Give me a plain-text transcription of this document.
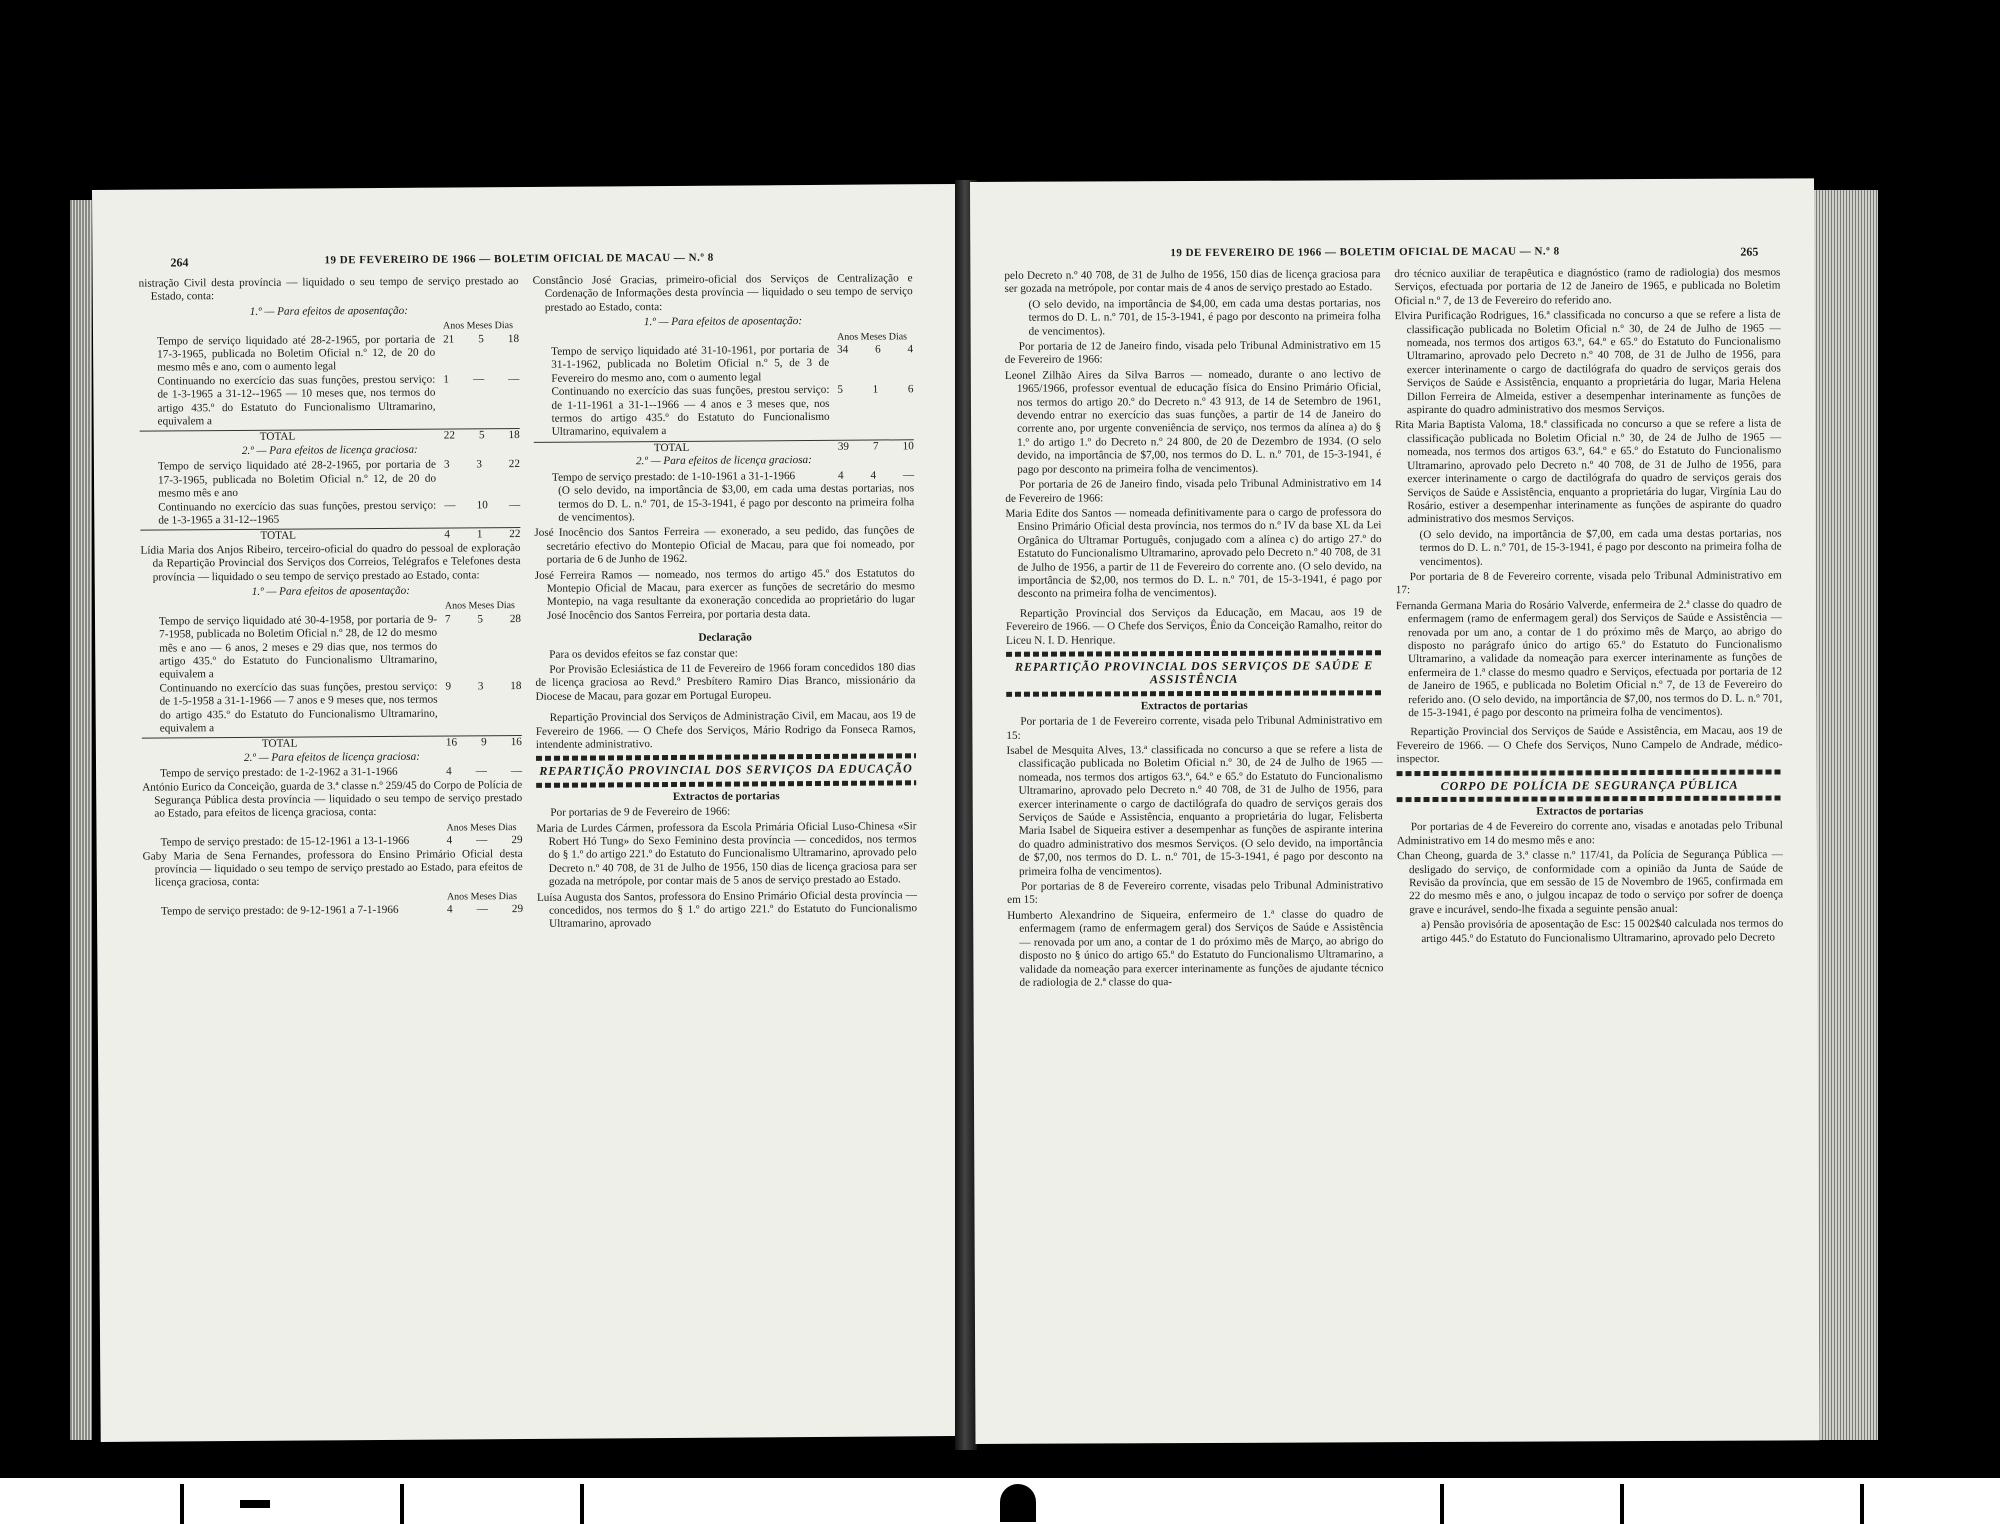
264	19 DE FEVEREIRO DE 1966 — BOLETIM OFICIAL DE MACAU — N.º 8

nistração Civil desta província — liquidado o seu tempo de serviço prestado ao Estado, conta:

1.º — Para efeitos de aposentação:

Anos Meses Dias
Tempo de serviço liquidado até 28-2-1965, por portaria de 17-3-1965, publicada no Boletim Oficial n.º 12, de 20 do mesmo mês e ano, com o aumento legal
21 5 18
Continuando no exercício das suas funções, prestou serviço: de 1-3-1965 a 31-12--1965 — 10 meses que, nos termos do artigo 435.º do Estatuto do Funcionalismo Ultramarino, equivalem a
1 — —
TOTAL	22 5 18

2.º — Para efeitos de licença graciosa:

Tempo de serviço liquidado até 28-2-1965, por portaria de 17-3-1965, publicada no Boletim Oficial n.º 12, de 20 do mesmo mês e ano
3 3 22
Continuando no exercício das suas funções, prestou serviço: de 1-3-1965 a 31-12--1965
— 10 —
TOTAL	4 1 22

Lídia Maria dos Anjos Ribeiro, terceiro-oficial do quadro do pessoal de exploração da Repartição Provincial dos Serviços dos Correios, Telégrafos e Telefones desta província — liquidado o seu tempo de serviço prestado ao Estado, conta:

1.º — Para efeitos de aposentação:

Anos Meses Dias
Tempo de serviço liquidado até 30-4-1958, por portaria de 9-7-1958, publicada no Boletim Oficial n.º 28, de 12 do mesmo mês e ano — 6 anos, 2 meses e 29 dias que, nos termos do artigo 435.º do Estatuto do Funcionalismo Ultramarino, equivalem a
7 5 28
Continuando no exercício das suas funções, prestou serviço: de 1-5-1958 a 31-1-1966 — 7 anos e 9 meses que, nos termos do artigo 435.º do Estatuto do Funcionalismo Ultramarino, equivalem a
9 3 18
TOTAL	16 9 16

2.º — Para efeitos de licença graciosa:

Tempo de serviço prestado: de 1-2-1962 a 31-1-1966	4 — —

António Eurico da Conceição, guarda de 3.ª classe n.º 259/45 do Corpo de Polícia de Segurança Pública desta província — liquidado o seu tempo de serviço prestado ao Estado, para efeitos de licença graciosa, conta:

Anos Meses Dias
Tempo de serviço prestado: de 15-12-1961 a 13-1-1966	4 — 29

Gaby Maria de Sena Fernandes, professora do Ensino Primário Oficial desta província — liquidado o seu tempo de serviço prestado ao Estado, para efeitos de licença graciosa, conta:

Anos Meses Dias
Tempo de serviço prestado: de 9-12-1961 a 7-1-1966	4 — 29

Constâncio José Gracias, primeiro-oficial dos Serviços de Centralização e Cordenação de Informações desta província — liquidado o seu tempo de serviço prestado ao Estado, conta:

1.º — Para efeitos de aposentação:

Anos Meses Dias
Tempo de serviço liquidado até 31-10-1961, por portaria de 31-1-1962, publicada no Boletim Oficial n.º 5, de 3 de Fevereiro do mesmo ano, com o aumento legal
34 6 4
Continuando no exercício das suas funções, prestou serviço: de 1-11-1961 a 31-1--1966 — 4 anos e 3 meses que, nos termos do artigo 435.º do Estatuto do Funcionalismo Ultramarino, equivalem a
5	1	6
TOTAL	39 7 10

2.º — Para efeitos de licença graciosa:

Tempo de serviço prestado: de 1-10-1961 a 31-1-1966	4 4 —

(O selo devido, na importância de $3,00, em cada uma destas portarias, nos termos do D. L. n.º 701, de 15-3-1941, é pago por desconto na primeira folha de vencimentos).

José Inocêncio dos Santos Ferreira — exonerado, a seu pedido, das funções de secretário efectivo do Montepio Oficial de Macau, para que foi nomeado, por portaria de 6 de Junho de 1962.

José Ferreira Ramos — nomeado, nos termos do artigo 45.º dos Estatutos do Montepio Oficial de Macau, para exercer as funções de secretário do mesmo Montepio, na vaga resultante da exoneração concedida ao proprietário do lugar José Inocêncio dos Santos Ferreira, por portaria desta data.

Declaração

Para os devidos efeitos se faz constar que:

Por Provisão Eclesiástica de 11 de Fevereiro de 1966 foram concedidos 180 dias de licença graciosa ao Revd.º Presbítero Ramiro Dias Branco, missionário da Diocese de Macau, para gozar em Portugal Europeu.

Repartição Provincial dos Serviços de Administração Civil, em Macau, aos 19 de Fevereiro de 1966. — O Chefe dos Serviços, Mário Rodrigo da Fonseca Ramos, intendente administrativo.

REPARTIÇÃO PROVINCIAL DOS SERVIÇOS DA EDUCAÇÃO

Extractos de portarias

Por portarias de 9 de Fevereiro de 1966:

Maria de Lurdes Cármen, professora da Escola Primária Oficial Luso-Chinesa «Sir Robert Hó Tung» do Sexo Feminino desta província — concedidos, nos termos do § 1.º do artigo 221.º do Estatuto do Funcionalismo Ultramarino, aprovado pelo Decreto n.º 40 708, de 31 de Julho de 1956, 150 dias de licença graciosa para ser gozada na metrópole, por contar mais de 5 anos de serviço prestado ao Estado.

Luísa Augusta dos Santos, professora do Ensino Primário Oficial desta província — concedidos, nos termos do § 1.º do artigo 221.º do Estatuto do Funcionalismo Ultramarino, aprovado

19 DE FEVEREIRO DE 1966 — BOLETIM OFICIAL DE MACAU — N.º 8	265

pelo Decreto n.º 40 708, de 31 de Julho de 1956, 150 dias de licença graciosa para ser gozada na metrópole, por contar mais de 4 anos de serviço prestado ao Estado.

(O selo devido, na importância de $4,00, em cada uma destas portarias, nos termos do D. L. n.º 701, de 15-3-1941, é pago por desconto na primeira folha de vencimentos).

Por portaria de 12 de Janeiro findo, visada pelo Tribunal Administrativo em 15 de Fevereiro de 1966:

Leonel Zilhão Aires da Silva Barros — nomeado, durante o ano lectivo de 1965/1966, professor eventual de educação física do Ensino Primário Oficial, nos termos do artigo 20.º do Decreto n.º 43 913, de 14 de Setembro de 1961, devendo entrar no exercício das suas funções, a partir de 14 de Janeiro do corrente ano, por urgente conveniência de serviço, nos termos da alínea a) do § 1.º do artigo 1.º do Decreto n.º 24 800, de 20 de Dezembro de 1934. (O selo devido, na importância de $7,00, nos termos do D. L. n.º 701, de 15-3-1941, é pago por desconto na primeira folha de vencimentos).

Por portaria de 26 de Janeiro findo, visada pelo Tribunal Administrativo em 14 de Fevereiro de 1966:

Maria Edite dos Santos — nomeada definitivamente para o cargo de professora do Ensino Primário Oficial desta província, nos termos do n.º IV da base XL da Lei Orgânica do Ultramar Português, conjugado com a alínea c) do artigo 27.º do Estatuto do Funcionalismo Ultramarino, aprovado pelo Decreto n.º 40 708, de 31 de Julho de 1956, a partir de 11 de Fevereiro do corrente ano. (O selo devido, na importância de $2,00, nos termos do D. L. n.º 701, de 15-3-1941, é pago por desconto na primeira folha de vencimentos).

Repartição Provincial dos Serviços da Educação, em Macau, aos 19 de Fevereiro de 1966. — O Chefe dos Serviços, Ênio da Conceição Ramalho, reitor do Liceu N. I. D. Henrique.

REPARTIÇÃO PROVINCIAL DOS SERVIÇOS DE SAÚDE E ASSISTÊNCIA

Extractos de portarias

Por portaria de 1 de Fevereiro corrente, visada pelo Tribunal Administrativo em 15:

Isabel de Mesquita Alves, 13.ª classificada no concurso a que se refere a lista de classificação publicada no Boletim Oficial n.º 30, de 24 de Julho de 1965 — nomeada, nos termos dos artigos 63.º, 64.º e 65.º do Estatuto do Funcionalismo Ultramarino, aprovado pelo Decreto n.º 40 708, de 31 de Julho de 1956, para exercer interinamente o cargo de dactilógrafa do quadro de serviços gerais dos Serviços de Saúde e Assistência, enquanto a proprietária do lugar, Felisberta Maria Isabel de Siqueira estiver a desempenhar as funções de aspirante interina do quadro administrativo dos mesmos Serviços. (O selo devido, na importância de $7,00, nos termos do D. L. n.º 701, de 15-3-1941, é pago por desconto na primeira folha de vencimentos).

Por portarias de 8 de Fevereiro corrente, visadas pelo Tribunal Administrativo em 15:

Humberto Alexandrino de Siqueira, enfermeiro de 1.ª classe do quadro de enfermagem (ramo de enfermagem geral) dos Serviços de Saúde e Assistência — renovada por um ano, a contar de 1 do próximo mês de Março, ao abrigo do disposto no § único do artigo 65.º do Estatuto do Funcionalismo Ultramarino, a validade da nomeação para exercer interinamente as funções de ajudante técnico de radiologia de 2.ª classe do qua-

dro técnico auxiliar de terapêutica e diagnóstico (ramo de radiologia) dos mesmos Serviços, efectuada por portaria de 12 de Janeiro de 1965, e publicada no Boletim Oficial n.º 7, de 13 de Fevereiro do referido ano.

Elvira Purificação Rodrigues, 16.ª classificada no concurso a que se refere a lista de classificação publicada no Boletim Oficial n.º 30, de 24 de Julho de 1965 — nomeada, nos termos dos artigos 63.º, 64.º e 65.º do Estatuto do Funcionalismo Ultramarino, aprovado pelo Decreto n.º 40 708, de 31 de Julho de 1956, para exercer interinamente o cargo de dactilógrafa do quadro de serviços gerais dos Serviços de Saúde e Assistência, enquanto a proprietária do lugar, Maria Helena Dillon Ferreira de Almeida, estiver a desempenhar interinamente as funções de aspirante do quadro administrativo dos mesmos Serviços.

Rita Maria Baptista Valoma, 18.ª classificada no concurso a que se refere a lista de classificação publicada no Boletim Oficial n.º 30, de 24 de Julho de 1965 — nomeada, nos termos dos artigos 63.º, 64.º e 65.º do Estatuto do Funcionalismo Ultramarino, aprovado pelo Decreto n.º 40 708, de 31 de Julho de 1956, para exercer interinamente o cargo de dactilógrafa do quadro de serviços gerais dos Serviços de Saúde e Assistência, enquanto a proprietária do lugar, Virgínia Lau do Rosário, estiver a desempenhar interinamente as funções de aspirante do quadro administrativo dos mesmos Serviços.

(O selo devido, na importância de $7,00, em cada uma destas portarias, nos termos do D. L. n.º 701, de 15-3-1941, é pago por desconto na primeira folha de vencimentos).

Por portaria de 8 de Fevereiro corrente, visada pelo Tribunal Administrativo em 17:

Fernanda Germana Maria do Rosário Valverde, enfermeira de 2.ª classe do quadro de enfermagem (ramo de enfermagem geral) dos Serviços de Saúde e Assistência — renovada por um ano, a contar de 1 do próximo mês de Março, ao abrigo do disposto no parágrafo único do artigo 65.º do Estatuto do Funcionalismo Ultramarino, a validade da nomeação para exercer interinamente as funções de enfermeira de 1.ª classe do mesmo quadro e Serviços, efectuada por portaria de 12 de Janeiro de 1965, e publicada no Boletim Oficial n.º 7, de 13 de Fevereiro do referido ano. (O selo devido, na importância de $7,00, nos termos do D. L. n.º 701, de 15-3-1941, é pago por desconto na primeira folha de vencimentos).

Repartição Provincial dos Serviços de Saúde e Assistência, em Macau, aos 19 de Fevereiro de 1966. — O Chefe dos Serviços, Nuno Campelo de Andrade, médico-inspector.

CORPO DE POLÍCIA DE SEGURANÇA PÚBLICA

Extractos de portarias

Por portarias de 4 de Fevereiro do corrente ano, visadas e anotadas pelo Tribunal Administrativo em 14 do mesmo mês e ano:

Chan Cheong, guarda de 3.ª classe n.º 117/41, da Polícia de Segurança Pública — desligado do serviço, de conformidade com a opinião da Junta de Saúde de Revisão da província, que em sessão de 15 de Novembro de 1965, confirmada em 22 do mesmo mês e ano, o julgou incapaz de todo o serviço por sofrer de doença grave e incurável, sendo-lhe fixada a seguinte pensão anual:

a) Pensão provisória de aposentação de Esc: 15 002$40 calculada nos termos do artigo 445.º do Estatuto do Funcionalismo Ultramarino, aprovado pelo Decreto
